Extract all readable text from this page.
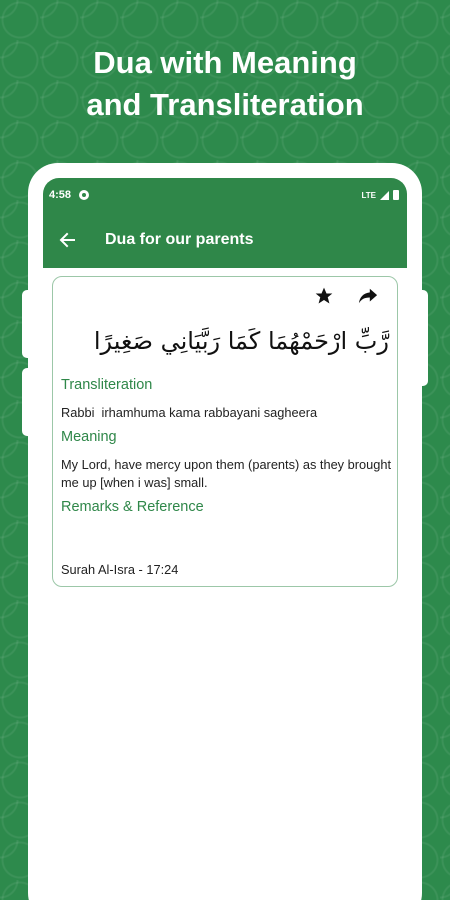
Dua with Meaning
and Transliteration
4:58	LTE
Dua for our parents
رَّبِّ ارْحَمْهُمَا كَمَا رَبَّيَانِي صَغِيرًا
Transliteration
Rabbi  irhamhuma kama rabbayani sagheera
Meaning
My Lord, have mercy upon them (parents) as they brought me up [when i was] small.
Remarks & Reference
Surah Al-Isra - 17:24
